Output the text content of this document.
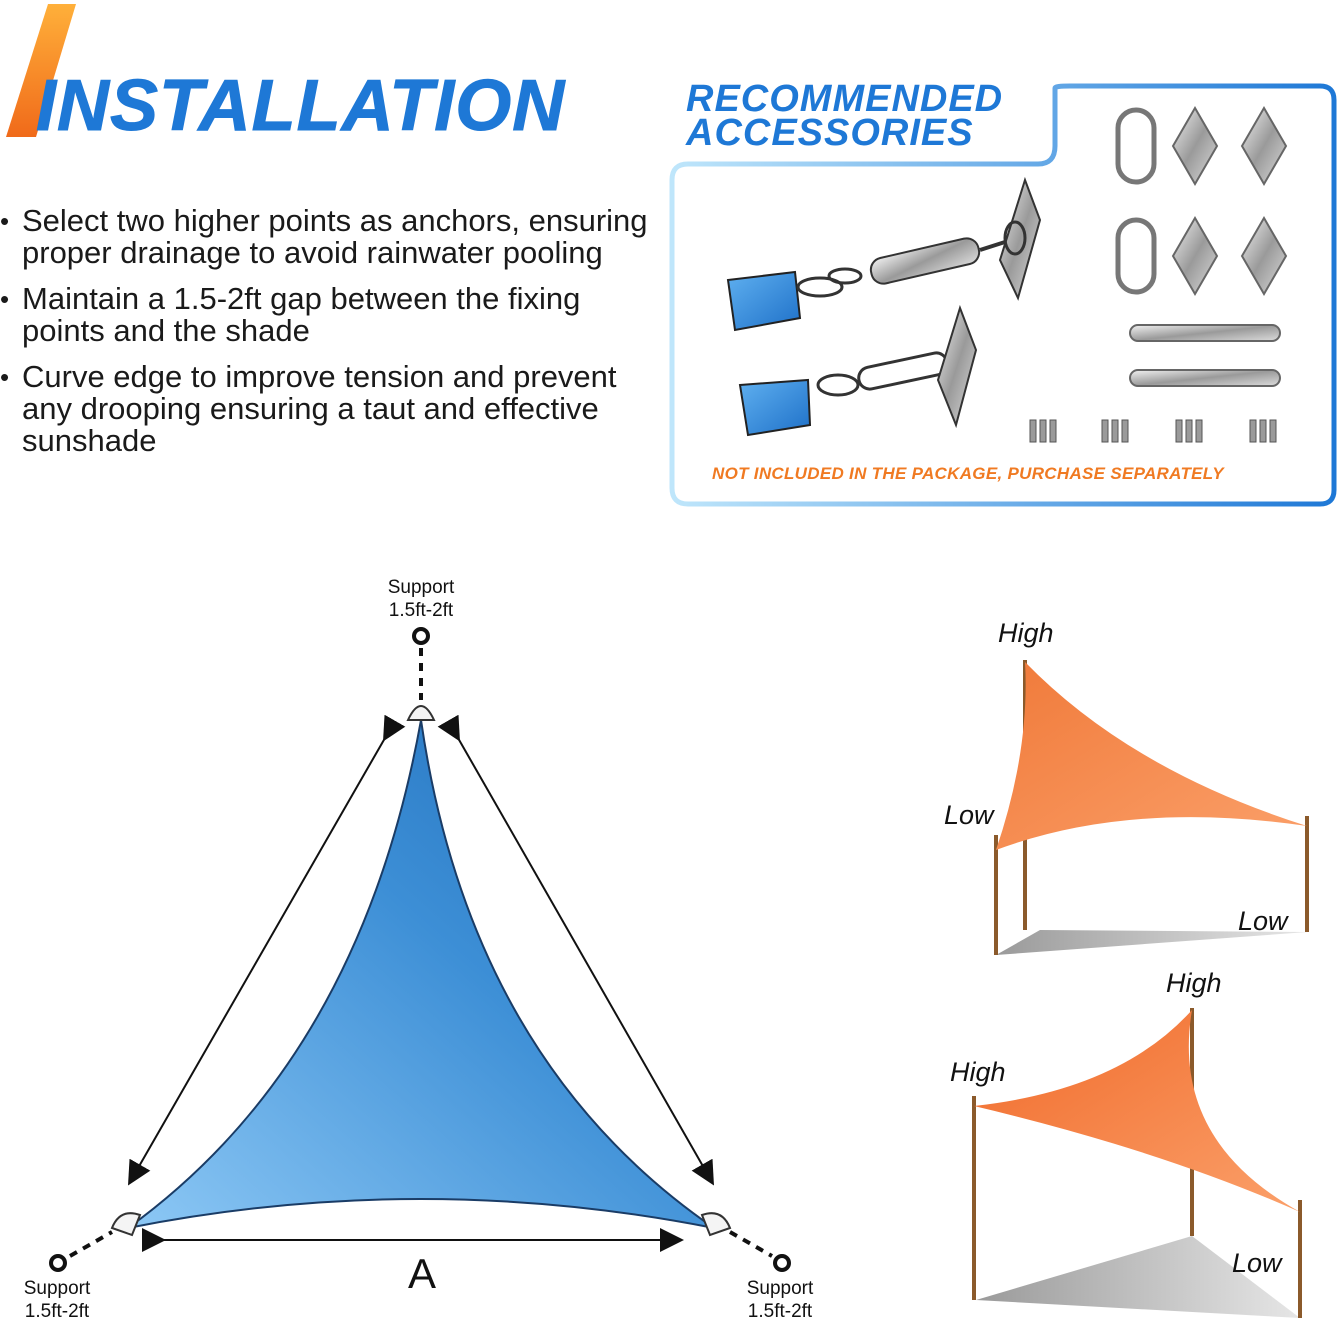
INSTALLATION
• Select two higher points as anchors, ensuring proper drainage to avoid rainwater pooling
• Maintain a 1.5-2ft gap between the fixing points and the shade
• Curve edge to improve tension and prevent any drooping ensuring a taut and effective sunshade
RECOMMENDED
ACCESSORIES
NOT INCLUDED IN THE PACKAGE, PURCHASE SEPARATELY
Support
1.5ft-2ft
Support
1.5ft-2ft
Support
1.5ft-2ft
A
High
Low
Low
High
High
Low
